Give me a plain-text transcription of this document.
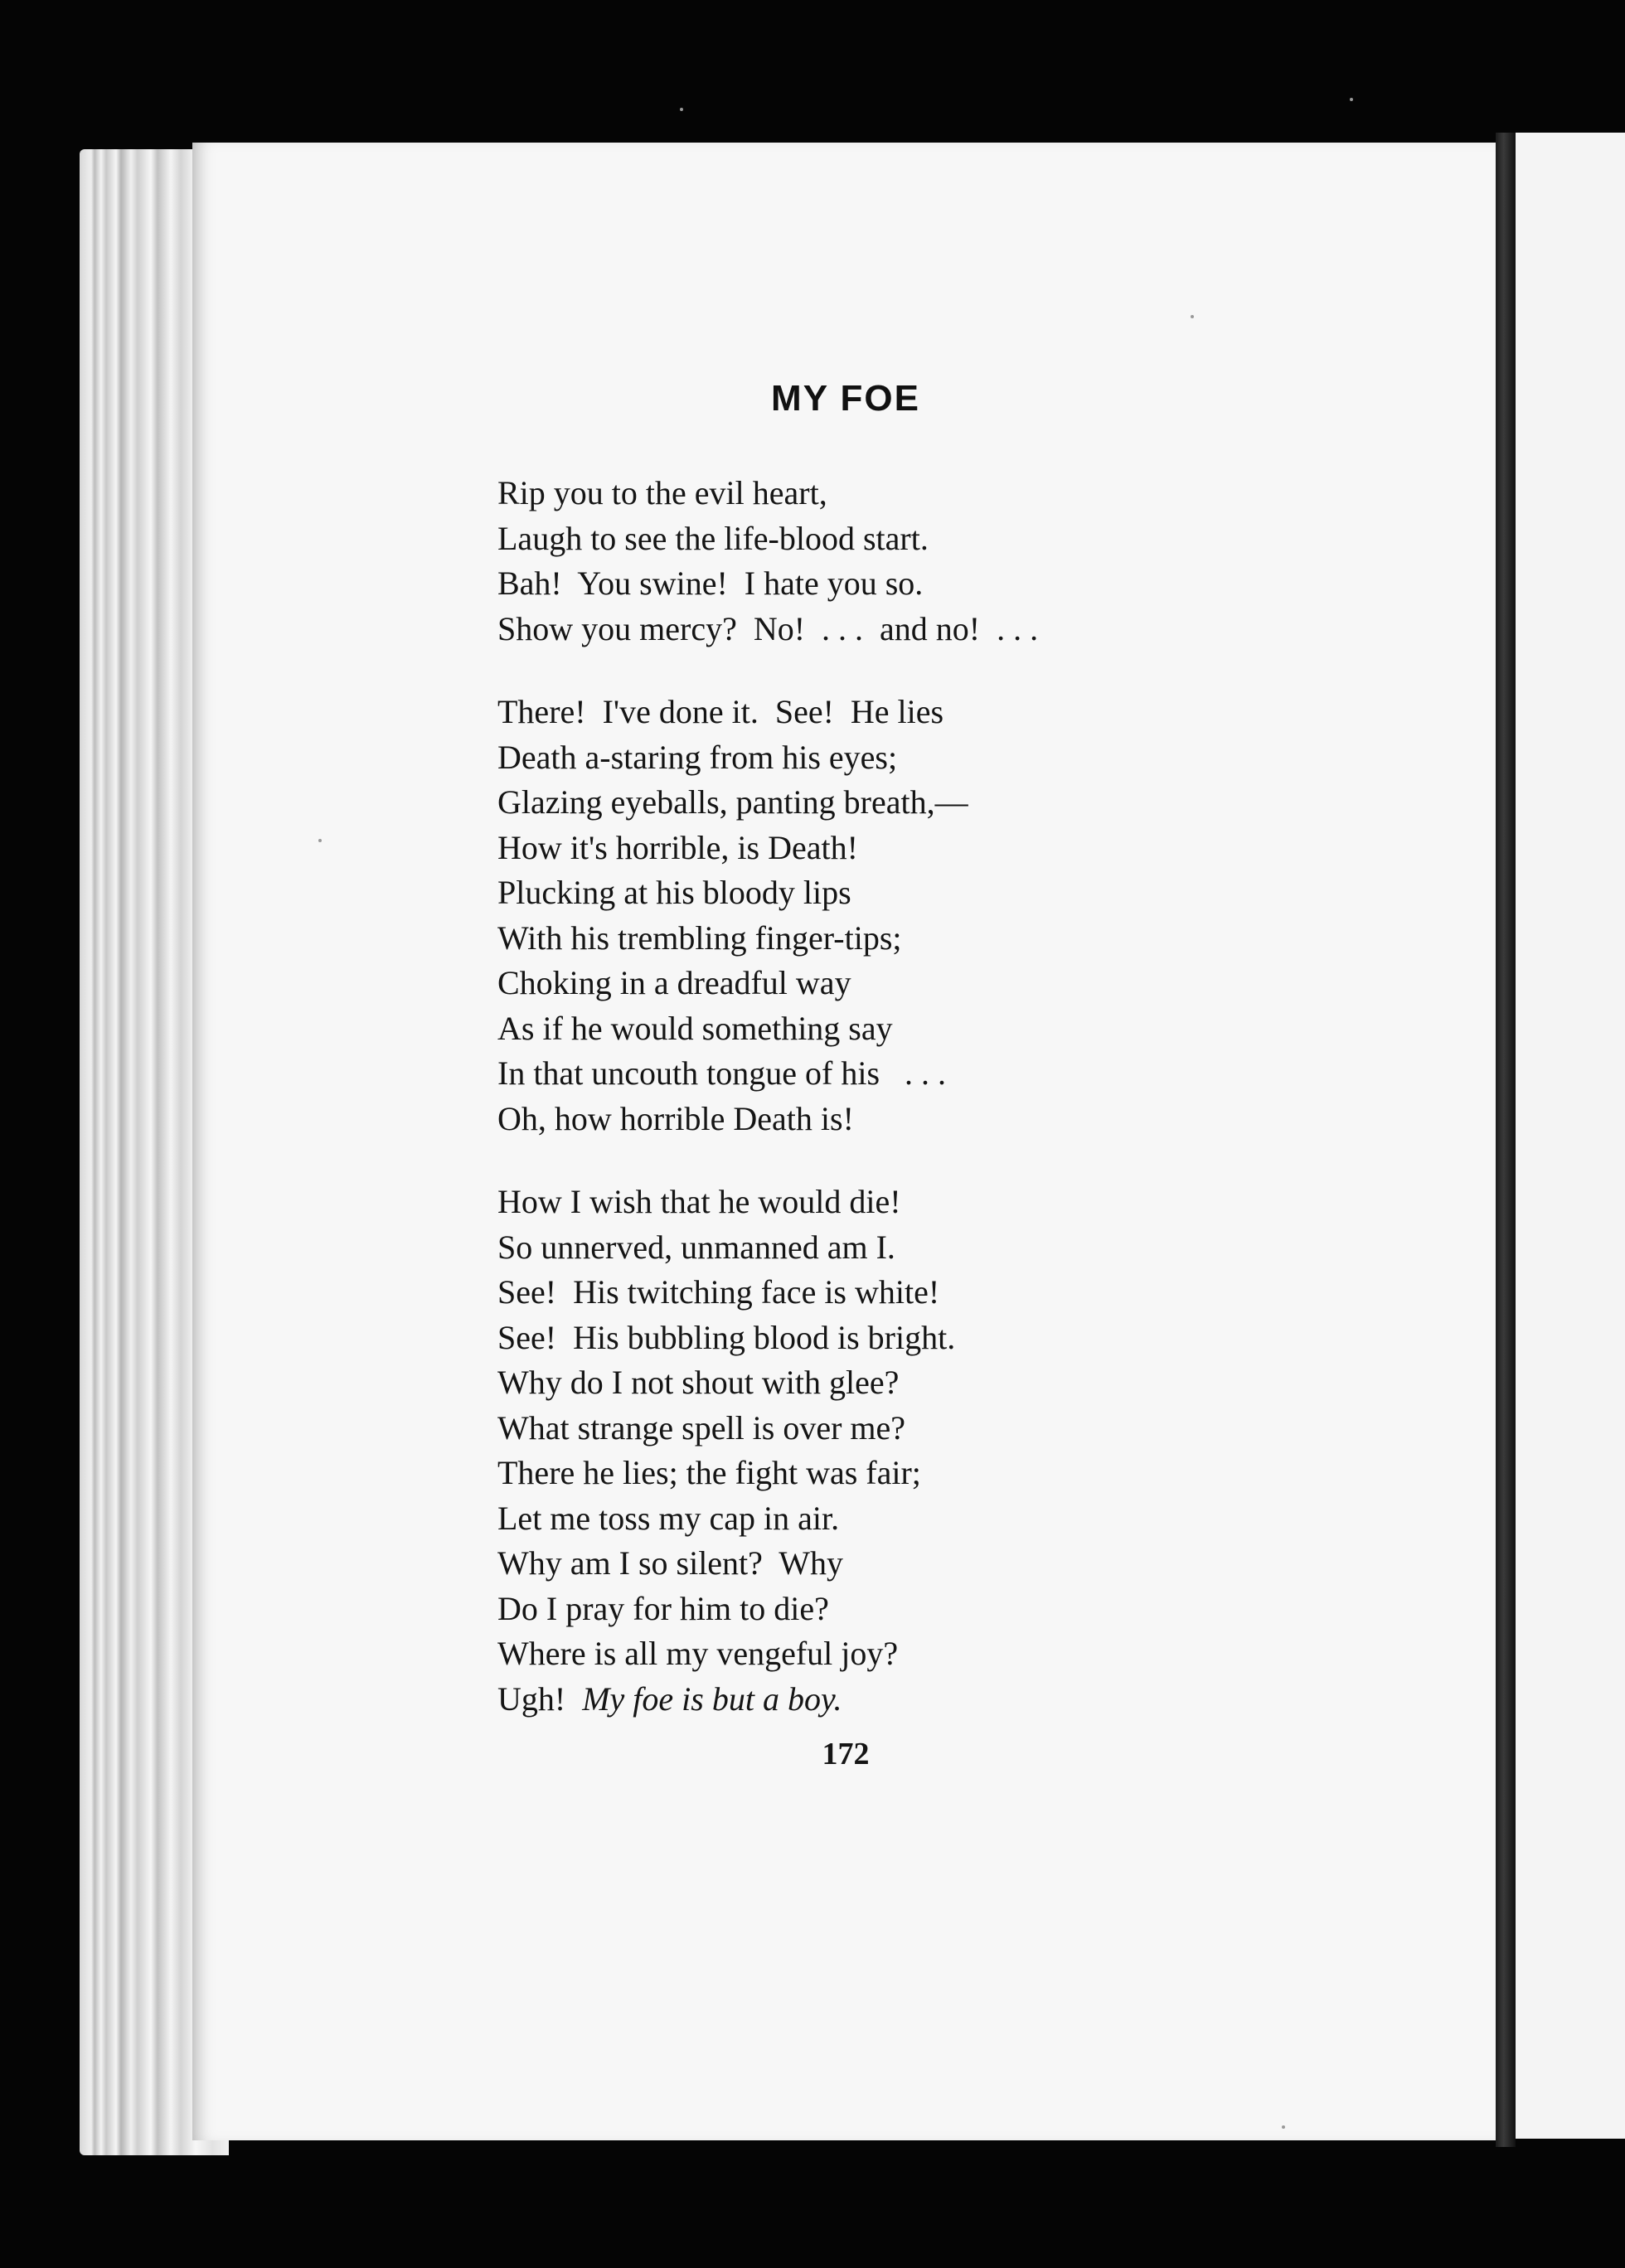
MY FOE

Rip you to the evil heart,
Laugh to see the life-blood start.
Bah!  You swine!  I hate you so.
Show you mercy?  No!  . . .  and no!  . . .

There!  I've done it.  See!  He lies
Death a-staring from his eyes;
Glazing eyeballs, panting breath,—
How it's horrible, is Death!
Plucking at his bloody lips
With his trembling finger-tips;
Choking in a dreadful way
As if he would something say
In that uncouth tongue of his   . . .
Oh, how horrible Death is!

How I wish that he would die!
So unnerved, unmanned am I.
See!  His twitching face is white!
See!  His bubbling blood is bright.
Why do I not shout with glee?
What strange spell is over me?
There he lies; the fight was fair;
Let me toss my cap in air.
Why am I so silent?  Why
Do I pray for him to die?
Where is all my vengeful joy?
Ugh!  My foe is but a boy.

172
